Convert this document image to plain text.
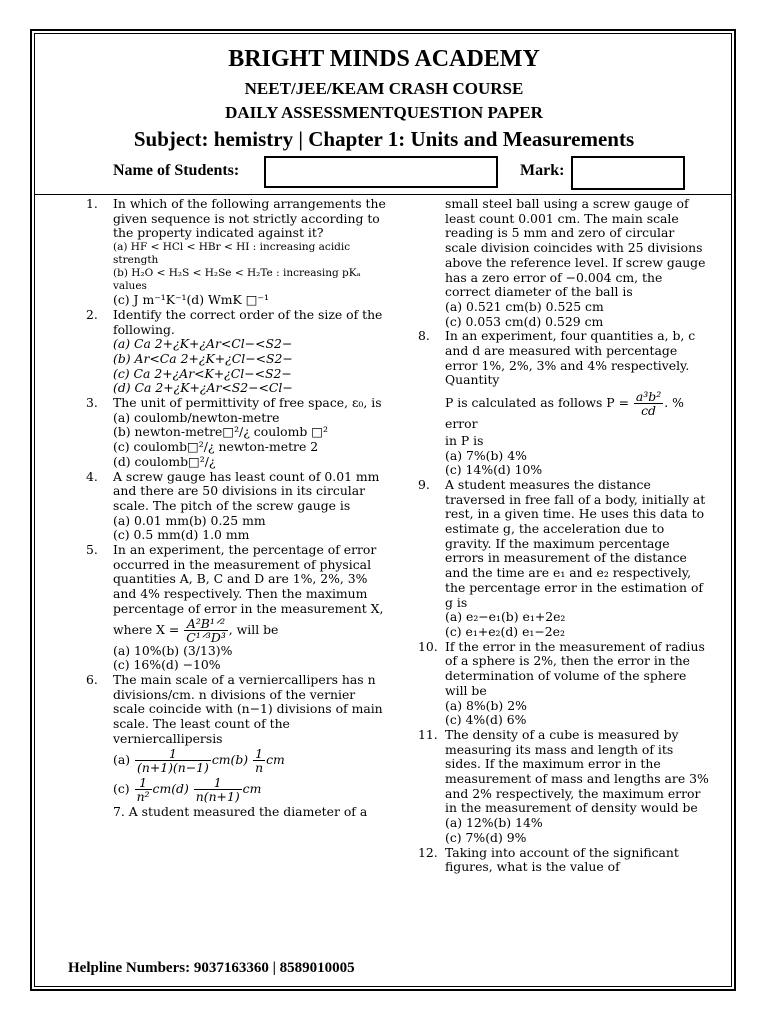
BRIGHT MINDS ACADEMY
NEET/JEE/KEAM CRASH COURSE
DAILY ASSESSMENTQUESTION PAPER
Subject: hemistry | Chapter 1: Units and Measurements
Name of Students:	Mark:
1. In which of the following arrangements the given sequence is not strictly according to the property indicated against it?
(a) HF < HCl < HBr < HI : increasing acidic strength
(b) H₂O < H₂S < H₂Se < H₂Te : increasing pKₐ values
(c) J m⁻¹K⁻¹(d) WmK □⁻¹
2. Identify the correct order of the size of the following.
(a) Ca 2+¿K+¿Ar<Cl−<S2−
(b) Ar<Ca 2+¿K+¿Cl−<S2−
(c) Ca 2+¿Ar<K+¿Cl−<S2−
(d) Ca 2+¿K+¿Ar<S2−<Cl−
3. The unit of permittivity of free space, ε₀, is
(a) coulomb/newton-metre
(b) newton-metre□²/¿ coulomb □²
(c) coulomb□²/¿ newton-metre 2
(d) coulomb□²/¿
4. A screw gauge has least count of 0.01 mm and there are 50 divisions in its circular scale. The pitch of the screw gauge is
(a) 0.01 mm(b) 0.25 mm
(c) 0.5 mm(d) 1.0 mm
5. In an experiment, the percentage of error occurred in the measurement of physical quantities A, B, C and D are 1%, 2%, 3% and 4% respectively. Then the maximum percentage of error in the measurement X,
where $X = \frac{\text{A²B¹ᐟ²}}{\text{C¹ᐟ³D³}}$ , will be
(a) 10%(b) (3/13)%
(c) 16%(d) −10%
6. The main scale of a verniercallipers has n divisions/cm. n divisions of the vernier scale coincide with (n−1) divisions of main scale. The least count of the verniercallipersis
$(a) \frac{1}{(n+1)(n-1)} cm(b) \frac{1}{n}$ cm
$(c) \frac{1}{\text{n²}} cm(d) \frac{1}{n(n+1)}$ cm
7. A student measured the diameter of a
small steel ball using a screw gauge of least count 0.001 cm. The main scale reading is 5 mm and zero of circular scale division coincides with 25 divisions above the reference level. If screw gauge has a zero error of −0.004 cm, the correct diameter of the ball is
(a) 0.521 cm(b) 0.525 cm
(c) 0.053 cm(d) 0.529 cm
8. In an experiment, four quantities a, b, c and d are measured with percentage error 1%, 2%, 3% and 4% respectively. Quantity
P is calculated as follows $P = \frac{\text{a³b²}}{cd}$ . % error
in P is
(a) 7%(b) 4%
(c) 14%(d) 10%
9. A student measures the distance traversed in free fall of a body, initially at rest, in a given time. He uses this data to estimate g, the acceleration due to gravity. If the maximum percentage errors in measurement of the distance and the time are e₁ and e₂ respectively, the percentage error in the estimation of g is
(a) e₂−e₁(b) e₁+2e₂
(c) e₁+e₂(d) e₁−2e₂
10. If the error in the measurement of radius of a sphere is 2%, then the error in the determination of volume of the sphere will be
(a) 8%(b) 2%
(c) 4%(d) 6%
11. The density of a cube is measured by measuring its mass and length of its sides. If the maximum error in the measurement of mass and lengths are 3% and 2% respectively, the maximum error in the measurement of density would be
(a) 12%(b) 14%
(c) 7%(d) 9%
12. Taking into account of the significant figures, what is the value of
Helpline Numbers: 9037163360 | 8589010005
